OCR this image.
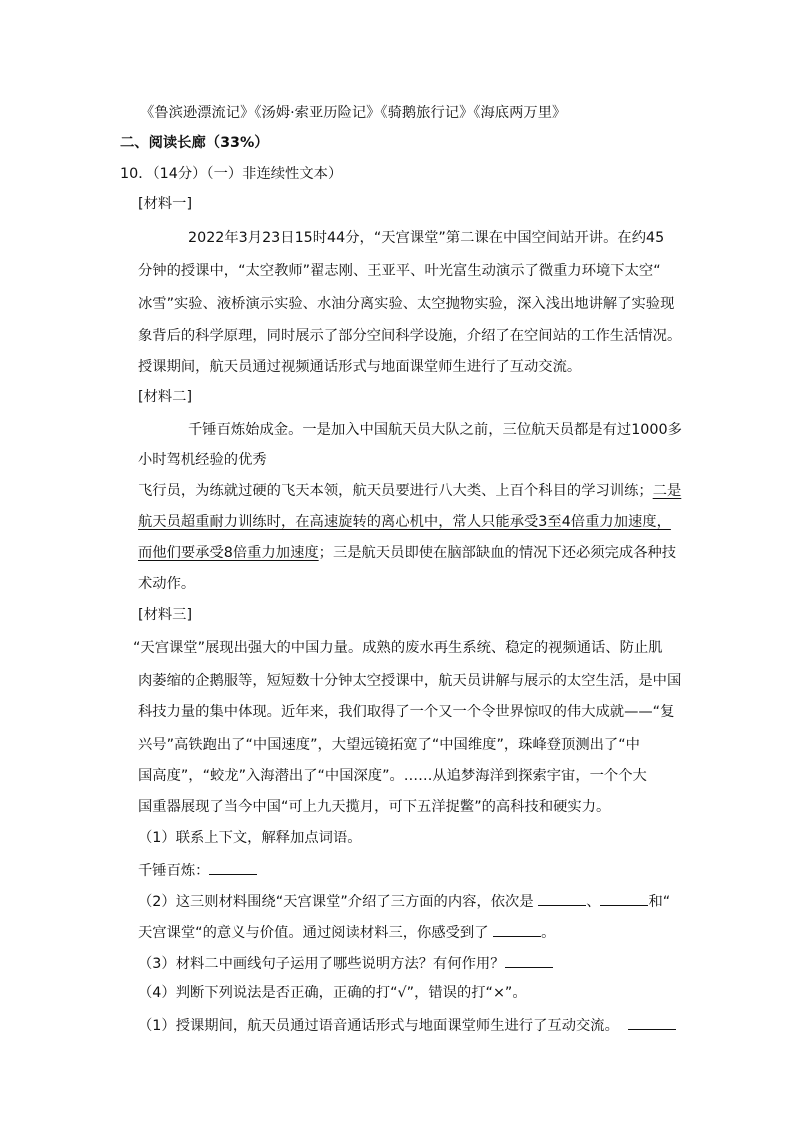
《鲁滨逊漂流记》《汤姆·索亚历险记》《骑鹅旅行记》《海底两万里》
二、阅读长廊（33%）
10．（14分）（一）非连续性文本）
[材料一]
2022年3月23日15时44分，“天宫课堂”第二课在中国空间站开讲。在约45
分钟的授课中，“太空教师”翟志刚、王亚平、叶光富生动演示了微重力环境下太空“
冰雪”实验、液桥演示实验、水油分离实验、太空抛物实验，深入浅出地讲解了实验现
象背后的科学原理，同时展示了部分空间科学设施，介绍了在空间站的工作生活情况。
授课期间，航天员通过视频通话形式与地面课堂师生进行了互动交流。
[材料二]
千锤百炼始成金。一是加入中国航天员大队之前，三位航天员都是有过1000多
小时驾机经验的优秀
飞行员，为练就过硬的飞天本领，航天员要进行八大类、上百个科目的学习训练；二是
航天员超重耐力训练时，在高速旋转的离心机中，常人只能承受3至4倍重力加速度，
而他们要承受8倍重力加速度；三是航天员即使在脑部缺血的情况下还必须完成各种技
术动作。
[材料三]
“天宫课堂”展现出强大的中国力量。成熟的废水再生系统、稳定的视频通话、防止肌
肉萎缩的企鹅服等，短短数十分钟太空授课中，航天员讲解与展示的太空生活，是中国
科技力量的集中体现。近年来，我们取得了一个又一个令世界惊叹的伟大成就——“复
兴号”高铁跑出了“中国速度”，大望远镜拓宽了“中国维度”，珠峰登顶测出了“中
国高度”，“蛟龙”入海潜出了“中国深度”。……从追梦海洋到探索宇宙，一个个大
国重器展现了当今中国“可上九天揽月，可下五洋捉鳖”的高科技和硬实力。
（1）联系上下文，解释加点词语。
千锤百炼：
（2）这三则材料围绕“天宫课堂”介绍了三方面的内容，依次是	、	和“
天宫课堂“的意义与价值。通过阅读材料三，你感受到了	。
（3）材料二中画线句子运用了哪些说明方法？有何作用？
（4）判断下列说法是否正确，正确的打“√”，错误的打“×”。
（1）授课期间，航天员通过语音通话形式与地面课堂师生进行了互动交流。
